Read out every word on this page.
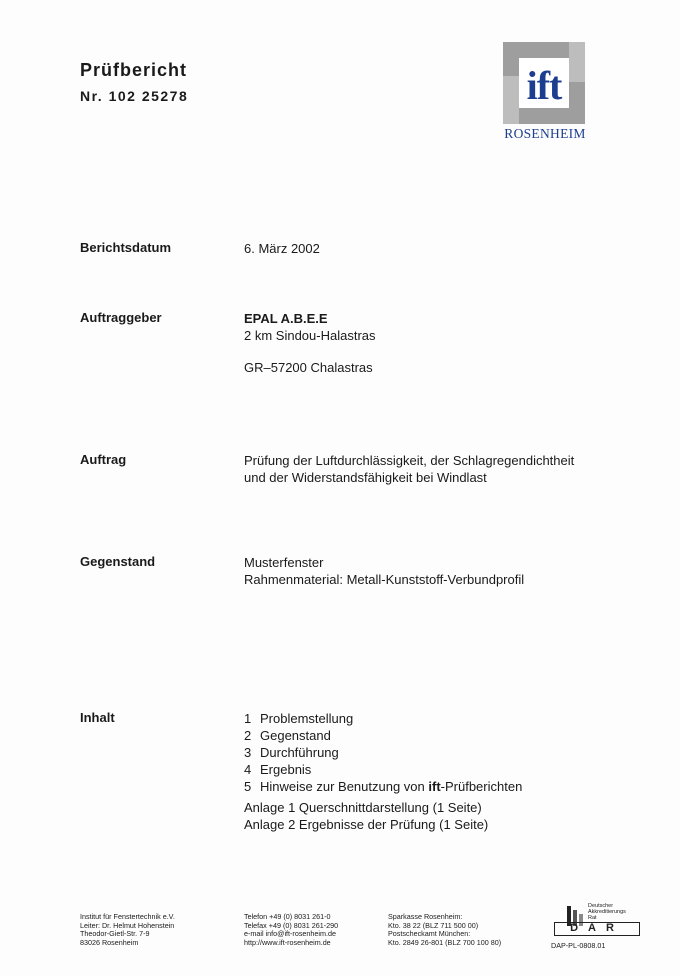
Prüfbericht
Nr. 102 25278	ift
ROSENHEIM
Berichtsdatum	6. März 2002
Auftraggeber	EPAL A.B.E.E

2 km Sindou-Halastras

GR–57200 Chalastras

Auftrag	Prüfung der Luftdurchlässigkeit, der Schlagregendichtheit

und der Widerstandsfähigkeit bei Windlast

Gegenstand	Musterfenster

Rahmenmaterial: Metall-Kunststoff-Verbundprofil

Inhalt	1 Problemstellung
2 Gegenstand
3 Durchführung
4 Ergebnis
5 Hinweise zur Benutzung von ift-Prüfberichten
Anlage 1 Querschnittdarstellung (1 Seite)
Anlage 2 Ergebnisse der Prüfung (1 Seite)

Institut für Fenstertechnik e.V.

Leiter: Dr. Helmut Hohenstein

Theodor-Gietl-Str. 7-9

83026 Rosenheim

Telefon +49 (0) 8031 261-0

Telefax +49 (0) 8031 261-290

e-mail info@ift-rosenheim.de

http://www.ift-rosenheim.de

Sparkasse Rosenheim:

Kto. 38 22 (BLZ 711 500 00)

Postscheckamt München:

Kto. 2849 26-801 (BLZ 700 100 80)

Deutscher
Akkreditierungs
Rat
DAR
DAP-PL-0808.01
